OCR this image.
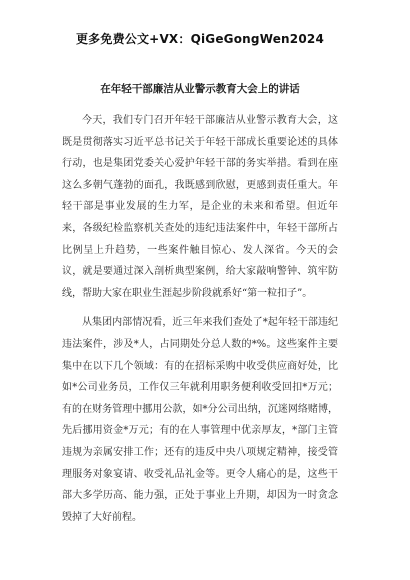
更多免费公文+VX：QiGeGongWen2024
在年轻干部廉洁从业警示教育大会上的讲话

今天，我们专门召开年轻干部廉洁从业警示教育大会，这既是贯彻落实习近平总书记关于年轻干部成长重要论述的具体行动，也是集团党委关心爱护年轻干部的务实举措。看到在座这么多朝气蓬勃的面孔，我既感到欣慰，更感到责任重大。年轻干部是事业发展的生力军，是企业的未来和希望。但近年来，各级纪检监察机关查处的违纪违法案件中，年轻干部所占比例呈上升趋势，一些案件触目惊心、发人深省。今天的会议，就是要通过深入剖析典型案例，给大家敲响警钟、筑牢防线，帮助大家在职业生涯起步阶段就系好“第一粒扣子”。

从集团内部情况看，近三年来我们查处了*起年轻干部违纪违法案件，涉及*人，占同期处分总人数的*%。这些案件主要集中在以下几个领域：有的在招标采购中收受供应商好处，比如*公司业务员，工作仅三年就利用职务便利收受回扣*万元；有的在财务管理中挪用公款，如*分公司出纳，沉迷网络赌博，先后挪用资金*万元；有的在人事管理中优亲厚友，*部门主管违规为亲属安排工作；还有的违反中央八项规定精神，接受管理服务对象宴请、收受礼品礼金等。更令人痛心的是，这些干部大多学历高、能力强，正处于事业上升期，却因为一时贪念毁掉了大好前程。
